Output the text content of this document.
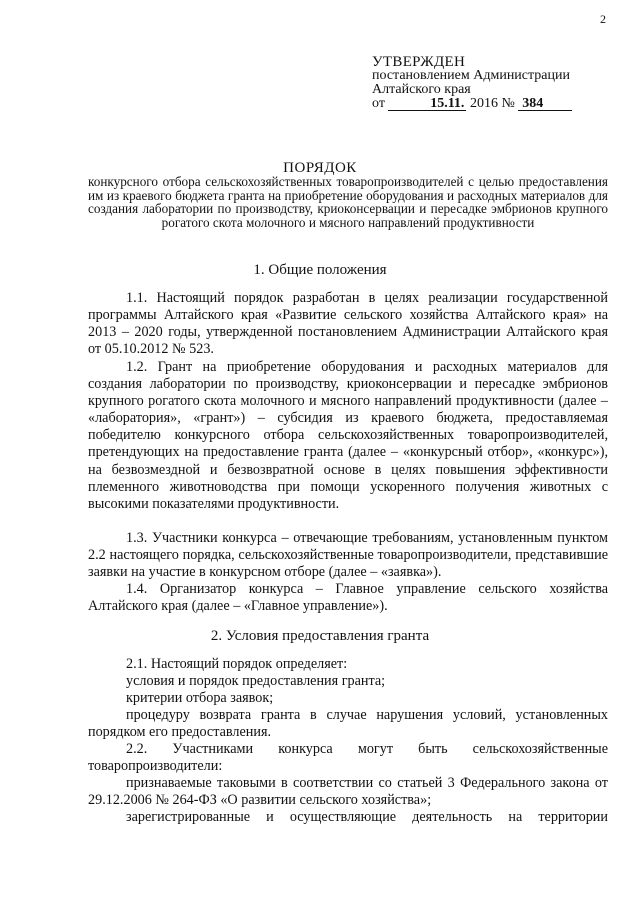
2
УТВЕРЖДЕН
постановлением Администрации
Алтайского края
от	15.11. 2016 № 384
ПОРЯДОК
конкурсного отбора сельскохозяйственных товаропроизводителей с целью предоставления им из краевого бюджета гранта на приобретение оборудования и расходных материалов для создания лаборатории по производству, криоконсервации и пересадке эмбрионов крупного рогатого скота молочного и мясного направлений продуктивности
1. Общие положения

1.1. Настоящий порядок разработан в целях реализации государственной программы Алтайского края «Развитие сельского хозяйства Алтайского края» на 2013 – 2020 годы, утвержденной постановлением Администрации Алтайского края от 05.10.2012 № 523.

1.2. Грант на приобретение оборудования и расходных материалов для создания лаборатории по производству, криоконсервации и пересадке эмбрионов крупного рогатого скота молочного и мясного направлений продуктивности (далее – «лаборатория», «грант») – субсидия из краевого бюджета, предоставляемая победителю конкурсного отбора сельскохозяйственных товаропроизводителей, претендующих на предоставление гранта (далее – «конкурсный отбор», «конкурс»), на безвозмездной и безвозвратной основе в целях повышения эффективности племенного животноводства при помощи ускоренного получения животных с высокими показателями продуктивности.

1.3. Участники конкурса – отвечающие требованиям, установленным пунктом 2.2 настоящего порядка, сельскохозяйственные товаропроизводители, представившие заявки на участие в конкурсном отборе (далее – «заявка»).

1.4. Организатор конкурса – Главное управление сельского хозяйства Алтайского края (далее – «Главное управление»).

2. Условия предоставления гранта

2.1. Настоящий порядок определяет:

условия и порядок предоставления гранта;

критерии отбора заявок;

процедуру возврата гранта в случае нарушения условий, установленных порядком его предоставления.

2.2. Участниками конкурса могут быть сельскохозяйственные товаропроизводители:

признаваемые таковыми в соответствии со статьей 3 Федерального закона от 29.12.2006 № 264-ФЗ «О развитии сельского хозяйства»;

зарегистрированные и осуществляющие деятельность на территории
